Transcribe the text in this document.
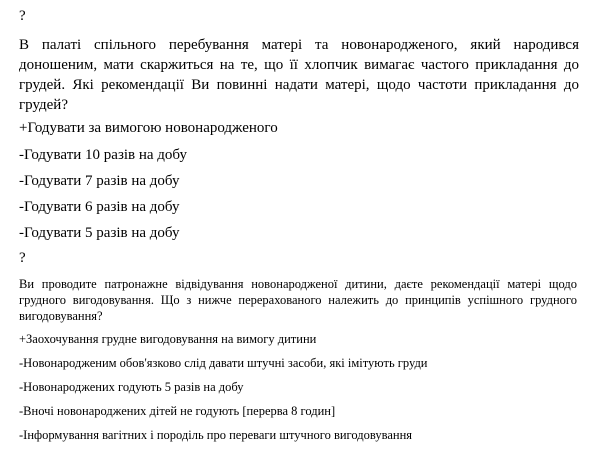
?
В палаті спільного перебування матері та новонародженого, який народився доношеним, мати скаржиться на те, що її хлопчик вимагає частого прикладання до грудей. Які рекомендації Ви повинні надати матері, щодо частоти прикладання до грудей?
+Годувати за вимогою новонародженого
-Годувати 10 разів на добу
-Годувати 7 разів на добу
-Годувати 6 разів на добу
-Годувати 5 разів на добу
?
Ви проводите патронажне відвідування новонародженої дитини, даєте рекомендації матері щодо грудного вигодовування. Що з нижче перерахованого належить до принципів успішного грудного вигодовування?
+Заохочування грудне вигодовування на вимогу дитини
-Новонародженим обов'язково слід давати штучні засоби, які імітують груди
-Новонароджених годують 5 разів на добу
-Вночі новонароджених дітей не годують [перерва 8 годин]
-Інформування вагітних і породіль про переваги штучного вигодовування
